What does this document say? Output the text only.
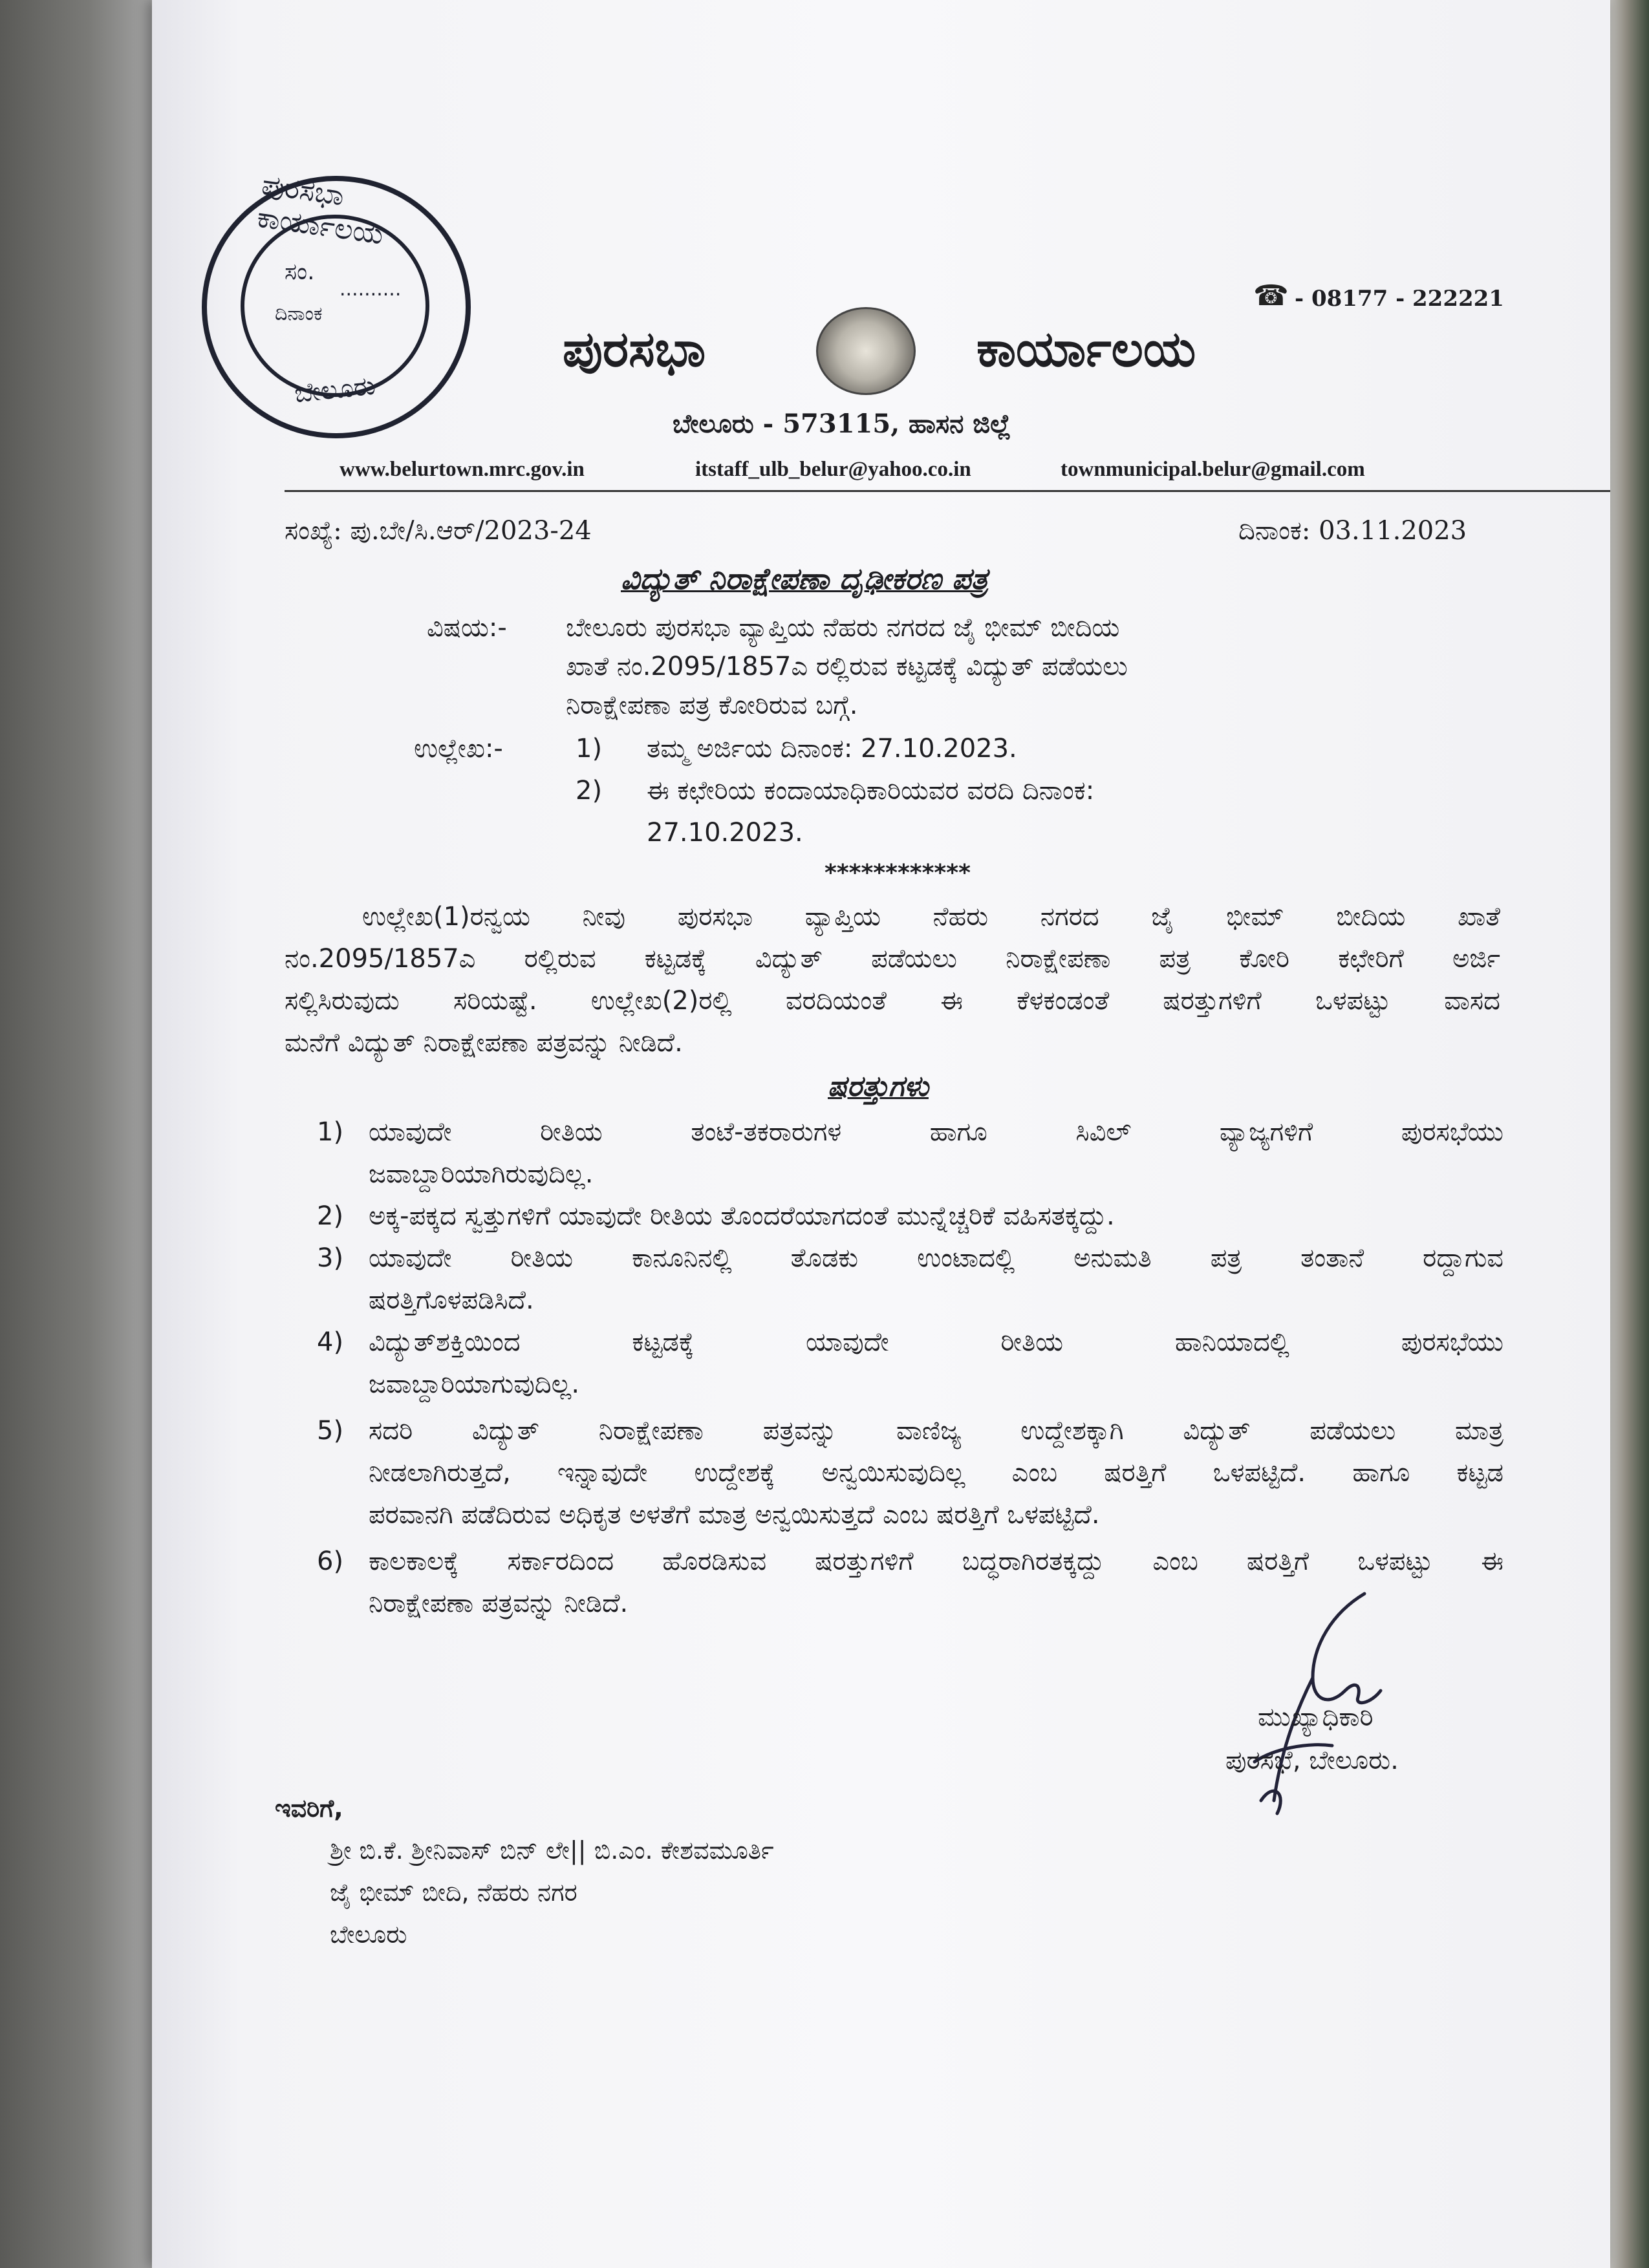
ಪುರಸಭಾ ಕಾರ್ಯಾಲಯ
ಸಂ.
..........
ದಿನಾಂಕ
ಬೇಲೂರು
☎ - 08177 - 222221
ಪುರಸಭಾ	ಕಾರ್ಯಾಲಯ
ಬೇಲೂರು - 573115, ಹಾಸನ ಜಿಲ್ಲೆ
www.belurtown.mrc.gov.in	itstaff_ulb_belur@yahoo.co.in	townmunicipal.belur@gmail.com
ಸಂಖ್ಯೆ: ಪು.ಬೇ/ಸಿ.ಆರ್/2023-24	ದಿನಾಂಕ: 03.11.2023
ವಿದ್ಯುತ್ ನಿರಾಕ್ಷೇಪಣಾ ದೃಢೀಕರಣ ಪತ್ರ
ವಿಷಯ:- ಬೇಲೂರು ಪುರಸಭಾ ವ್ಯಾಪ್ತಿಯ ನೆಹರು ನಗರದ ಜೈ ಭೀಮ್ ಬೀದಿಯ
ಖಾತೆ ನಂ.2095/1857ಎ ರಲ್ಲಿರುವ ಕಟ್ಟಡಕ್ಕೆ ವಿದ್ಯುತ್ ಪಡೆಯಲು
ನಿರಾಕ್ಷೇಪಣಾ ಪತ್ರ ಕೋರಿರುವ ಬಗ್ಗೆ.
ಉಲ್ಲೇಖ:-	1) ತಮ್ಮ ಅರ್ಜಿಯ ದಿನಾಂಕ: 27.10.2023.
2) ಈ ಕಛೇರಿಯ ಕಂದಾಯಾಧಿಕಾರಿಯವರ ವರದಿ ದಿನಾಂಕ:
27.10.2023.
************
ಉಲ್ಲೇಖ(1)ರನ್ವಯ ನೀವು ಪುರಸಭಾ ವ್ಯಾಪ್ತಿಯ ನೆಹರು ನಗರದ ಜೈ ಭೀಮ್ ಬೀದಿಯ ಖಾತೆ
ನಂ.2095/1857ಎ ರಲ್ಲಿರುವ ಕಟ್ಟಡಕ್ಕೆ ವಿದ್ಯುತ್ ಪಡೆಯಲು ನಿರಾಕ್ಷೇಪಣಾ ಪತ್ರ ಕೋರಿ ಕಛೇರಿಗೆ ಅರ್ಜಿ
ಸಲ್ಲಿಸಿರುವುದು ಸರಿಯಷ್ಟೆ. ಉಲ್ಲೇಖ(2)ರಲ್ಲಿ ವರದಿಯಂತೆ ಈ ಕೆಳಕಂಡಂತೆ ಷರತ್ತುಗಳಿಗೆ ಒಳಪಟ್ಟು ವಾಸದ
ಮನೆಗೆ ವಿದ್ಯುತ್ ನಿರಾಕ್ಷೇಪಣಾ ಪತ್ರವನ್ನು ನೀಡಿದೆ.
ಷರತ್ತುಗಳು
1) ಯಾವುದೇ ರೀತಿಯ ತಂಟೆ-ತಕರಾರುಗಳ ಹಾಗೂ ಸಿವಿಲ್ ವ್ಯಾಜ್ಯಗಳಿಗೆ ಪುರಸಭೆಯು
ಜವಾಬ್ದಾರಿಯಾಗಿರುವುದಿಲ್ಲ.
2) ಅಕ್ಕ-ಪಕ್ಕದ ಸ್ವತ್ತುಗಳಿಗೆ ಯಾವುದೇ ರೀತಿಯ ತೊಂದರೆಯಾಗದಂತೆ ಮುನ್ನೆಚ್ಚರಿಕೆ ವಹಿಸತಕ್ಕದ್ದು.
3) ಯಾವುದೇ ರೀತಿಯ ಕಾನೂನಿನಲ್ಲಿ ತೊಡಕು ಉಂಟಾದಲ್ಲಿ ಅನುಮತಿ ಪತ್ರ ತಂತಾನೆ ರದ್ದಾಗುವ
ಷರತ್ತಿಗೊಳಪಡಿಸಿದೆ.
4) ವಿದ್ಯುತ್‌ಶಕ್ತಿಯಿಂದ ಕಟ್ಟಡಕ್ಕೆ ಯಾವುದೇ ರೀತಿಯ ಹಾನಿಯಾದಲ್ಲಿ ಪುರಸಭೆಯು
ಜವಾಬ್ದಾರಿಯಾಗುವುದಿಲ್ಲ.
5) ಸದರಿ ವಿದ್ಯುತ್ ನಿರಾಕ್ಷೇಪಣಾ ಪತ್ರವನ್ನು ವಾಣಿಜ್ಯ ಉದ್ದೇಶಕ್ಕಾಗಿ ವಿದ್ಯುತ್ ಪಡೆಯಲು ಮಾತ್ರ
ನೀಡಲಾಗಿರುತ್ತದೆ, ಇನ್ನಾವುದೇ ಉದ್ದೇಶಕ್ಕೆ ಅನ್ವಯಿಸುವುದಿಲ್ಲ ಎಂಬ ಷರತ್ತಿಗೆ ಒಳಪಟ್ಟಿದೆ. ಹಾಗೂ ಕಟ್ಟಡ
ಪರವಾನಗಿ ಪಡೆದಿರುವ ಅಧಿಕೃತ ಅಳತೆಗೆ ಮಾತ್ರ ಅನ್ವಯಿಸುತ್ತದೆ ಎಂಬ ಷರತ್ತಿಗೆ ಒಳಪಟ್ಟಿದೆ.
6) ಕಾಲಕಾಲಕ್ಕೆ ಸರ್ಕಾರದಿಂದ ಹೊರಡಿಸುವ ಷರತ್ತುಗಳಿಗೆ ಬದ್ಧರಾಗಿರತಕ್ಕದ್ದು ಎಂಬ ಷರತ್ತಿಗೆ ಒಳಪಟ್ಟು ಈ
ನಿರಾಕ್ಷೇಪಣಾ ಪತ್ರವನ್ನು ನೀಡಿದೆ.
ಮುಖ್ಯಾಧಿಕಾರಿ
ಪುರಸಭೆ, ಬೇಲೂರು.
ಇವರಿಗೆ,
ಶ್ರೀ ಬಿ.ಕೆ. ಶ್ರೀನಿವಾಸ್ ಬಿನ್ ಲೇ|| ಬಿ.ಎಂ. ಕೇಶವಮೂರ್ತಿ
ಜೈ ಭೀಮ್ ಬೀದಿ, ನೆಹರು ನಗರ
ಬೇಲೂರು
